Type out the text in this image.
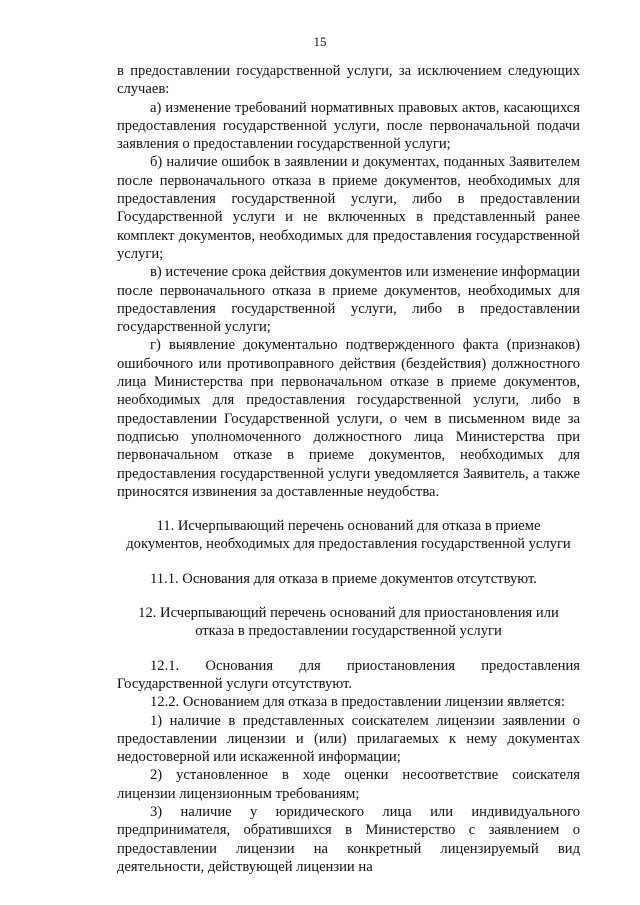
15

в предоставлении государственной услуги, за исключением следующих случаев:

а) изменение требований нормативных правовых актов, касающихся предоставления государственной услуги, после первоначальной подачи заявления о предоставлении государственной услуги;

б) наличие ошибок в заявлении и документах, поданных Заявителем после первоначального отказа в приеме документов, необходимых для предоставления государственной услуги, либо в предоставлении Государственной услуги и не включенных в представленный ранее комплект документов, необходимых для предоставления государственной услуги;

в) истечение срока действия документов или изменение информации после первоначального отказа в приеме документов, необходимых для предоставления государственной услуги, либо в предоставлении государственной услуги;

г) выявление документально подтвержденного факта (признаков) ошибочного или противоправного действия (бездействия) должностного лица Министерства при первоначальном отказе в приеме документов, необходимых для предоставления государственной услуги, либо в предоставлении Государственной услуги, о чем в письменном виде за подписью уполномоченного должностного лица Министерства при первоначальном отказе в приеме документов, необходимых для предоставления государственной услуги уведомляется Заявитель, а также приносятся извинения за доставленные неудобства.

11. Исчерпывающий перечень оснований для отказа в приеме документов, необходимых для предоставления государственной услуги

11.1. Основания для отказа в приеме документов отсутствуют.

12. Исчерпывающий перечень оснований для приостановления или отказа в предоставлении государственной услуги

12.1. Основания для приостановления предоставления Государственной услуги отсутствуют.

12.2. Основанием для отказа в предоставлении лицензии является:

1) наличие в представленных соискателем лицензии заявлении о предоставлении лицензии и (или) прилагаемых к нему документах недостоверной или искаженной информации;

2) установленное в ходе оценки несоответствие соискателя лицензии лицензионным требованиям;

3) наличие у юридического лица или индивидуального предпринимателя, обратившихся в Министерство с заявлением о предоставлении лицензии на конкретный лицензируемый вид деятельности, действующей лицензии на
